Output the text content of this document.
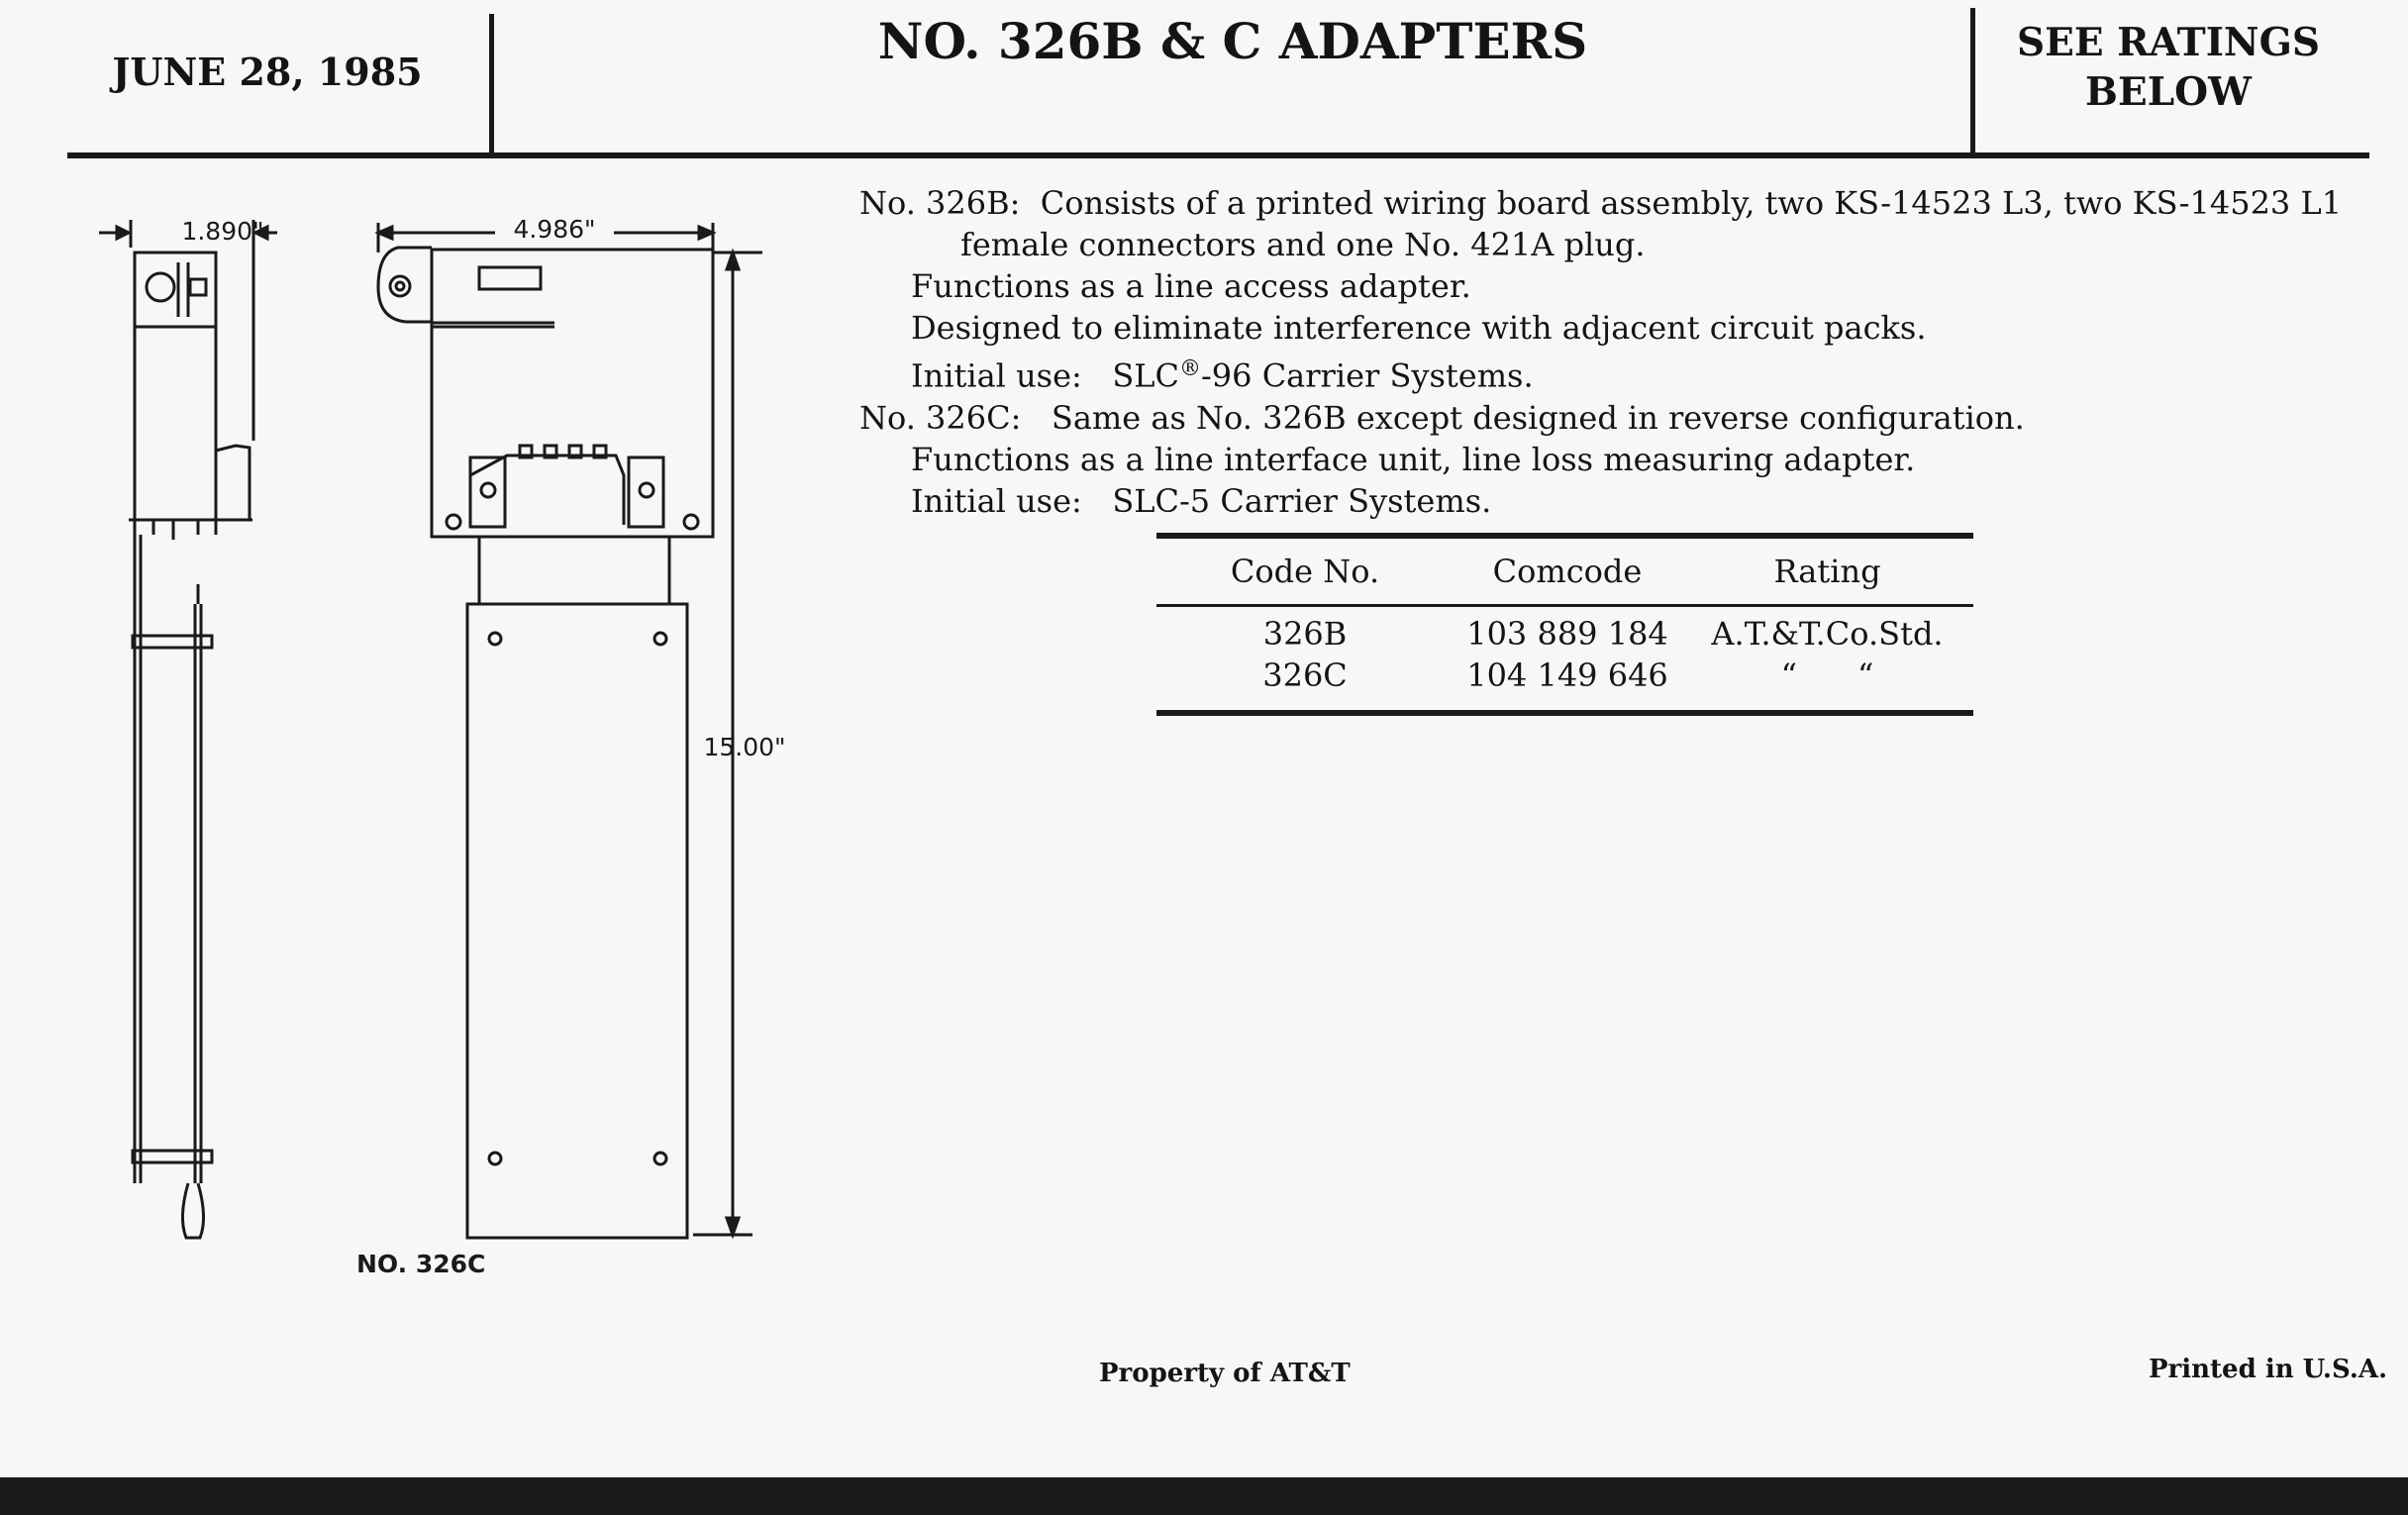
JUNE 28, 1985
NO. 326B & C ADAPTERS	SEE RATINGS
BELOW
1.890"	4.986"
15.00"
NO. 326C
No. 326B: Consists of a printed wiring board assembly, two KS-14523 L3, two KS-14523 L1
female connectors and one No. 421A plug.
Functions as a line access adapter.
Designed to eliminate interference with adjacent circuit packs.
Initial use: SLC®-96 Carrier Systems.
No. 326C: Same as No. 326B except designed in reverse configuration.
Functions as a line interface unit, line loss measuring adapter.
Initial use: SLC-5 Carrier Systems.
Code No.	Comcode	Rating
326B	103 889 184	A.T.&T.Co.Std.
326C	104 149 646	“      “
Property of AT&T	Printed in U.S.A.
